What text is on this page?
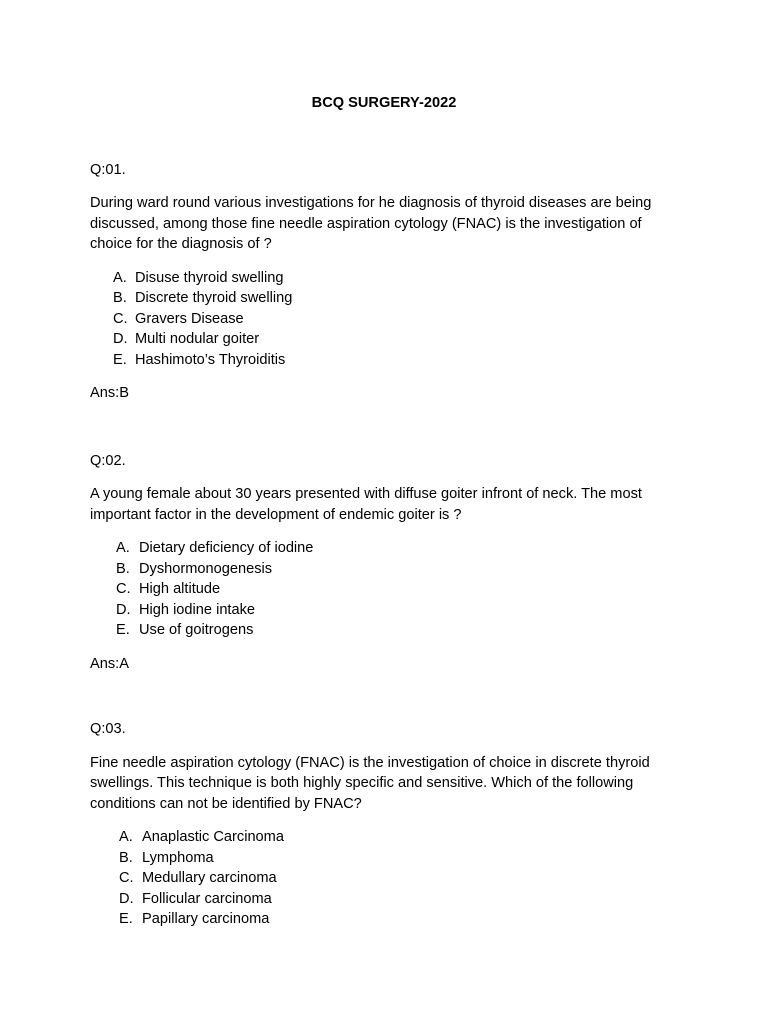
BCQ SURGERY-2022

Q:01.

During ward round various investigations for he diagnosis of thyroid diseases are being discussed, among those fine needle aspiration cytology (FNAC) is the investigation of choice for the diagnosis of ?

A. Disuse thyroid swelling
B. Discrete thyroid swelling
C. Gravers Disease
D. Multi nodular goiter
E. Hashimoto’s Thyroiditis

Ans:B

Q:02.

A young female about 30 years presented with diffuse goiter infront of neck. The most important factor in the development of endemic goiter is ?

A. Dietary deficiency of iodine
B. Dyshormonogenesis
C. High altitude
D. High iodine intake
E. Use of goitrogens

Ans:A

Q:03.

Fine needle aspiration cytology (FNAC) is the investigation of choice in discrete thyroid swellings. This technique is both highly specific and sensitive. Which of the following conditions can not be identified by FNAC?

A. Anaplastic Carcinoma
B. Lymphoma
C. Medullary carcinoma
D. Follicular carcinoma
E. Papillary carcinoma
